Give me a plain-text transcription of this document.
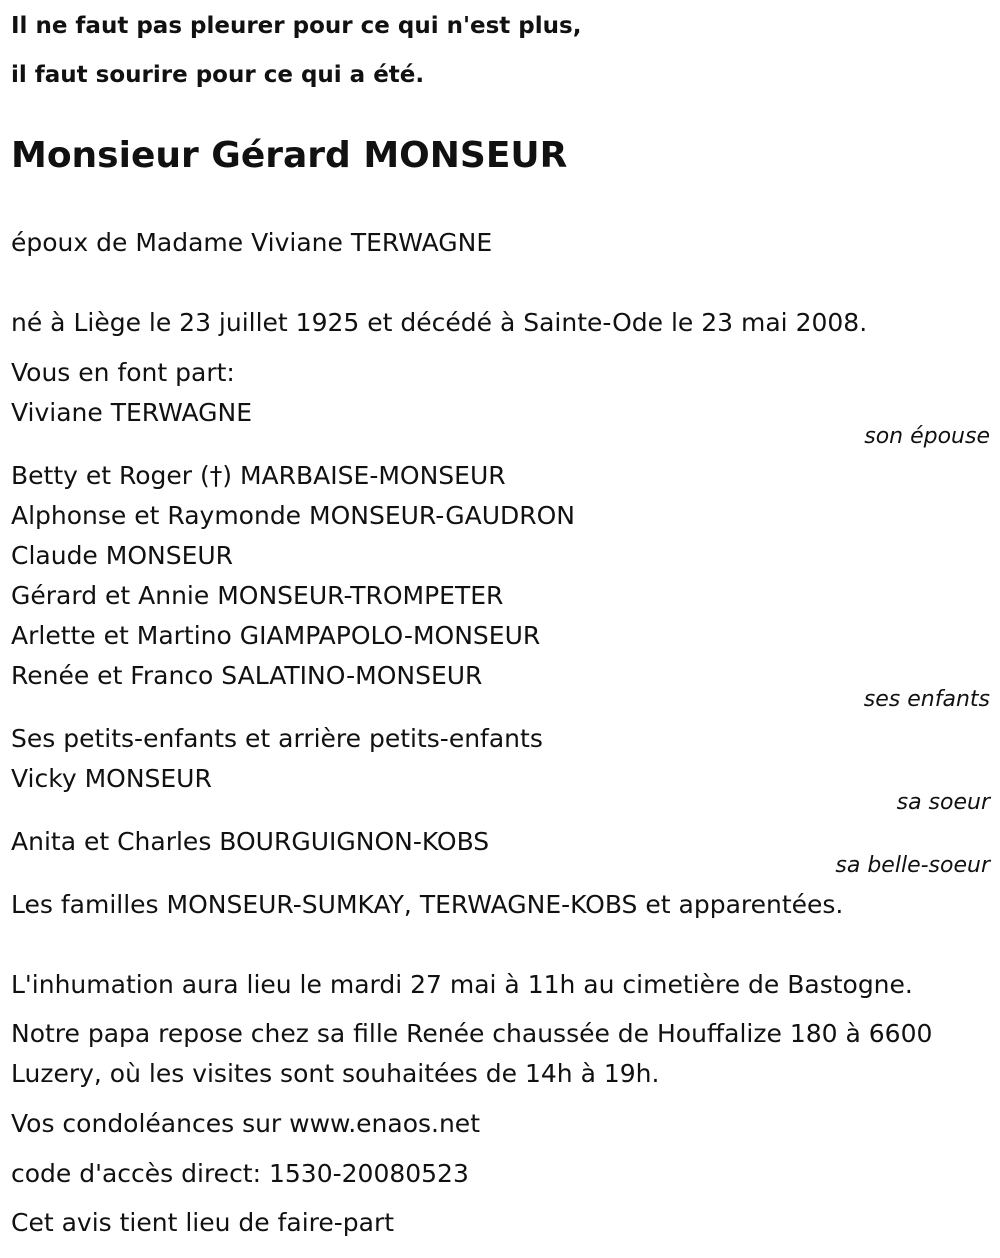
Il ne faut pas pleurer pour ce qui n'est plus,
il faut sourire pour ce qui a été.
Monsieur Gérard MONSEUR
époux de Madame Viviane TERWAGNE
né à Liège le 23 juillet 1925 et décédé à Sainte-Ode le 23 mai 2008.
Vous en font part:
Viviane TERWAGNE
son épouse
Betty et Roger (†) MARBAISE-MONSEUR
Alphonse et Raymonde MONSEUR-GAUDRON
Claude MONSEUR
Gérard et Annie MONSEUR-TROMPETER
Arlette et Martino GIAMPAPOLO-MONSEUR
Renée et Franco SALATINO-MONSEUR
ses enfants
Ses petits-enfants et arrière petits-enfants
Vicky MONSEUR
sa soeur
Anita et Charles BOURGUIGNON-KOBS
sa belle-soeur
Les familles MONSEUR-SUMKAY, TERWAGNE-KOBS et apparentées.
L'inhumation aura lieu le mardi 27 mai à 11h au cimetière de Bastogne.
Notre papa repose chez sa fille Renée chaussée de Houffalize 180 à 6600
Luzery, où les visites sont souhaitées de 14h à 19h.
Vos condoléances sur www.enaos.net
code d'accès direct: 1530-20080523
Cet avis tient lieu de faire-part
